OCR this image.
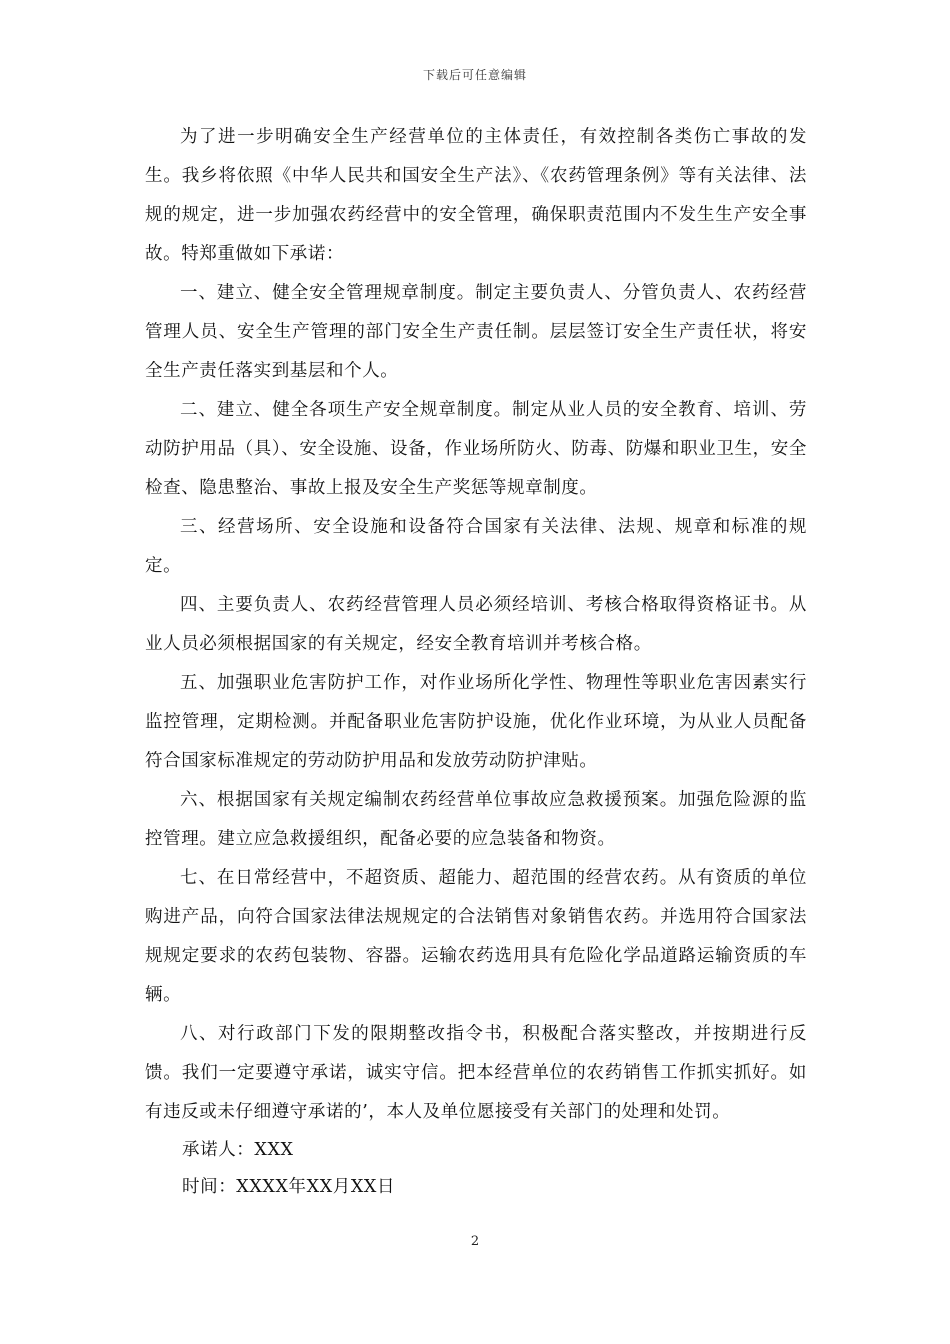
下载后可任意编辑

为了进一步明确安全生产经营单位的主体责任，有效控制各类伤亡事故的发生。我乡将依照《中华人民共和国安全生产法》、《农药管理条例》等有关法律、法规的规定，进一步加强农药经营中的安全管理，确保职责范围内不发生生产安全事故。特郑重做如下承诺：

一、建立、健全安全管理规章制度。制定主要负责人、分管负责人、农药经营管理人员、安全生产管理的部门安全生产责任制。层层签订安全生产责任状，将安全生产责任落实到基层和个人。

二、建立、健全各项生产安全规章制度。制定从业人员的安全教育、培训、劳动防护用品（具）、安全设施、设备，作业场所防火、防毒、防爆和职业卫生，安全检查、隐患整治、事故上报及安全生产奖惩等规章制度。

三、经营场所、安全设施和设备符合国家有关法律、法规、规章和标准的规定。

四、主要负责人、农药经营管理人员必须经培训、考核合格取得资格证书。从业人员必须根据国家的有关规定，经安全教育培训并考核合格。

五、加强职业危害防护工作，对作业场所化学性、物理性等职业危害因素实行监控管理，定期检测。并配备职业危害防护设施，优化作业环境，为从业人员配备符合国家标准规定的劳动防护用品和发放劳动防护津贴。

六、根据国家有关规定编制农药经营单位事故应急救援预案。加强危险源的监控管理。建立应急救援组织，配备必要的应急装备和物资。

七、在日常经营中，不超资质、超能力、超范围的经营农药。从有资质的单位购进产品，向符合国家法律法规规定的合法销售对象销售农药。并选用符合国家法规规定要求的农药包装物、容器。运输农药选用具有危险化学品道路运输资质的车辆。

八、对行政部门下发的限期整改指令书，积极配合落实整改，并按期进行反馈。我们一定要遵守承诺，诚实守信。把本经营单位的农药销售工作抓实抓好。如有违反或未仔细遵守承诺的’，本人及单位愿接受有关部门的处理和处罚。

承诺人：XXX
时间：XXXX年XX月XX日
2
